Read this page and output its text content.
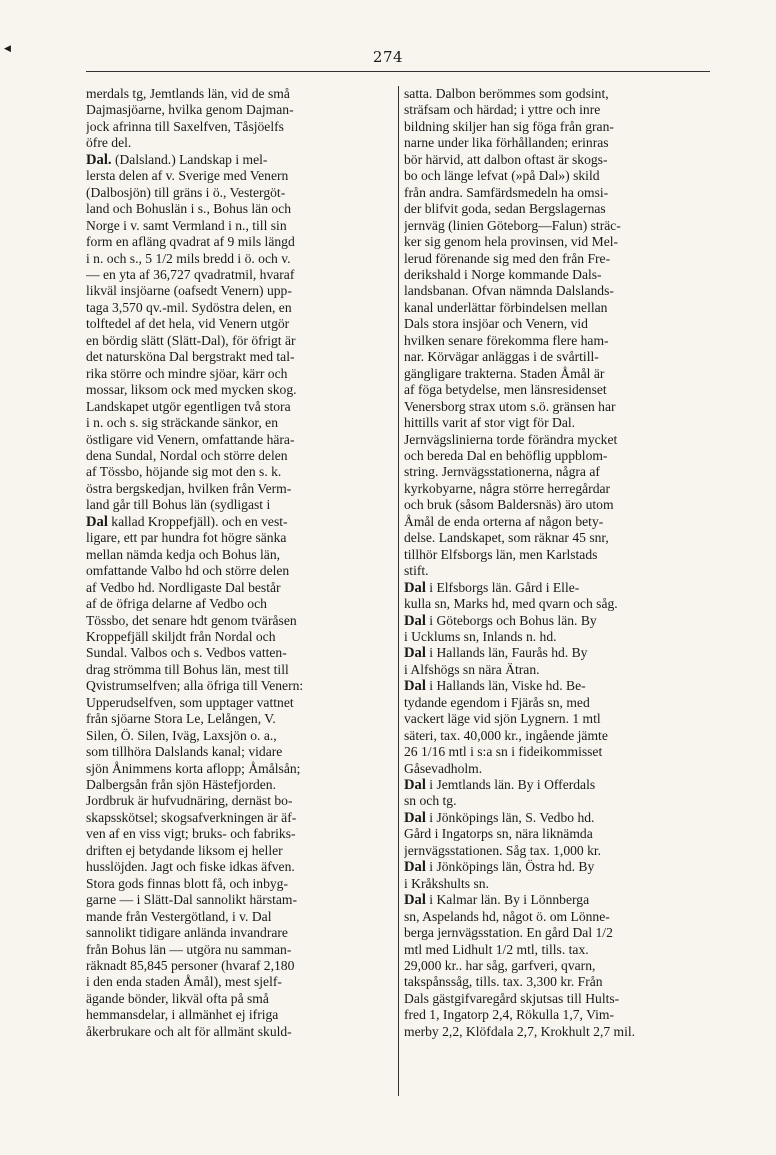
◀	274
merdals tg, Jemtlands län, vid de små
Dajmasjöarne, hvilka genom Dajman-
jock afrinna till Saxelfven, Tåsjöelfs
öfre del.
Dal. (Dalsland.) Landskap i mel-
lersta delen af v. Sverige med Venern
(Dalbosjön) till gräns i ö., Vestergöt-
land och Bohuslän i s., Bohus län och
Norge i v. samt Vermland i n., till sin
form en afläng qvadrat af 9 mils längd
i n. och s., 5 1/2 mils bredd i ö. och v.
— en yta af 36,727 qvadratmil, hvaraf
likväl insjöarne (oafsedt Venern) upp-
taga 3,570 qv.-mil. Sydöstra delen, en
tolftedel af det hela, vid Venern utgör
en bördig slätt (Slätt-Dal), för öfrigt är
det natursköna Dal bergstrakt med tal-
rika större och mindre sjöar, kärr och
mossar, liksom ock med mycken skog.
Landskapet utgör egentligen två stora
i n. och s. sig sträckande sänkor, en
östligare vid Venern, omfattande härа-
dena Sundal, Nordal och större delen
af Tössbo, höjande sig mot den s. k.
östra bergskedjan, hvilken från Verm-
land går till Bohus län (sydligast i
Dal kallad Kroppefjäll). och en vest-
ligare, ett par hundra fot högre sänka
mellan nämda kedja och Bohus län,
omfattande Valbo hd och större delen
af Vedbo hd. Nordligaste Dal består
af de öfriga delarne af Vedbo och
Tössbo, det senare hdt genom tväråsen
Kroppefjäll skiljdt från Nordal och
Sundal. Valbos och s. Vedbos vatten-
drag strömma till Bohus län, mest till
Qvistrumselfven; alla öfriga till Venern:
Upperudselfven, som upptager vattnet
från sjöarne Stora Le, Lelången, V.
Silen, Ö. Silen, Iväg, Laxsjön o. a.,
som tillhöra Dalslands kanal; vidare
sjön Ånimmens korta aflopp; Åmålsån;
Dalbergsån från sjön Hästefjorden.
Jordbruk är hufvudnäring, dernäst bo-
skapsskötsel; skogsafverkningen är äf-
ven af en viss vigt; bruks- och fabriks-
driften ej betydande liksom ej heller
husslöjden. Jagt och fiske idkas äfven.
Stora gods finnas blott få, och inbyg-
garne — i Slätt-Dal sannolikt härstam-
mande från Vestergötland, i v. Dal
sannolikt tidigare anlända invandrare
från Bohus län — utgöra nu samman-
räknadt 85,845 personer (hvaraf 2,180
i den enda staden Åmål), mest sjelf-
ägande bönder, likväl ofta på små
hemmansdelar, i allmänhet ej ifriga
åkerbrukare och alt för allmänt skuld-
satta. Dalbon berömmes som godsint,
sträfsam och härdad; i yttre och inre
bildning skiljer han sig föga från gran-
narne under lika förhållanden; erinras
bör härvid, att dalbon oftast är skogs-
bo och länge lefvat (»på Dal») skild
från andra. Samfärdsmedeln ha omsi-
der blifvit goda, sedan Bergslagernas
jernväg (linien Göteborg—Falun) sträc-
ker sig genom hela provinsen, vid Mel-
lerud förenande sig med den från Fre-
derikshald i Norge kommande Dals-
landsbanan. Ofvan nämnda Dalslands-
kanal underlättar förbindelsen mellan
Dals stora insjöar och Venern, vid
hvilken senare förekomma flere ham-
nar. Körvägar anläggas i de svårtill-
gängligare trakterna. Staden Åmål är
af föga betydelse, men länsresidenset
Venersborg strax utom s.ö. gränsen har
hittills varit af stor vigt för Dal.
Jernvägslinierna torde förändra mycket
och bereda Dal en behöflig uppblom-
string. Jernvägsstationerna, några af
kyrkobyarne, några större herregårdar
och bruk (såsom Baldersnäs) äro utom
Åmål de enda orterna af någon bety-
delse. Landskapet, som räknar 45 snr,
tillhör Elfsborgs län, men Karlstads
stift.
Dal i Elfsborgs län. Gård i Elle-
kulla sn, Marks hd, med qvarn och såg.
Dal i Göteborgs och Bohus län. By
i Ucklums sn, Inlands n. hd.
Dal i Hallands län, Faurås hd. By
i Alfshögs sn nära Ätran.
Dal i Hallands län, Viske hd. Be-
tydande egendom i Fjärås sn, med
vackert läge vid sjön Lygnern. 1 mtl
säteri, tax. 40,000 kr., ingående jämte
26 1/16 mtl i s:a sn i fideikommisset
Gåsevadholm.
Dal i Jemtlands län. By i Offerdals
sn och tg.
Dal i Jönköpings län, S. Vedbo hd.
Gård i Ingatorps sn, nära liknämda
jernvägsstationen. Såg tax. 1,000 kr.
Dal i Jönköpings län, Östra hd. By
i Kråkshults sn.
Dal i Kalmar län. By i Lönnberga
sn, Aspelands hd, något ö. om Lönne-
berga jernvägsstation. En gård Dal 1/2
mtl med Lidhult 1/2 mtl, tills. tax.
29,000 kr.. har såg, garfveri, qvarn,
takspånssåg, tills. tax. 3,300 kr. Från
Dals gästgifvaregård skjutsas till Hults-
fred 1, Ingatorp 2,4, Rökulla 1,7, Vim-
merby 2,2, Klöfdala 2,7, Krokhult 2,7 mil.
